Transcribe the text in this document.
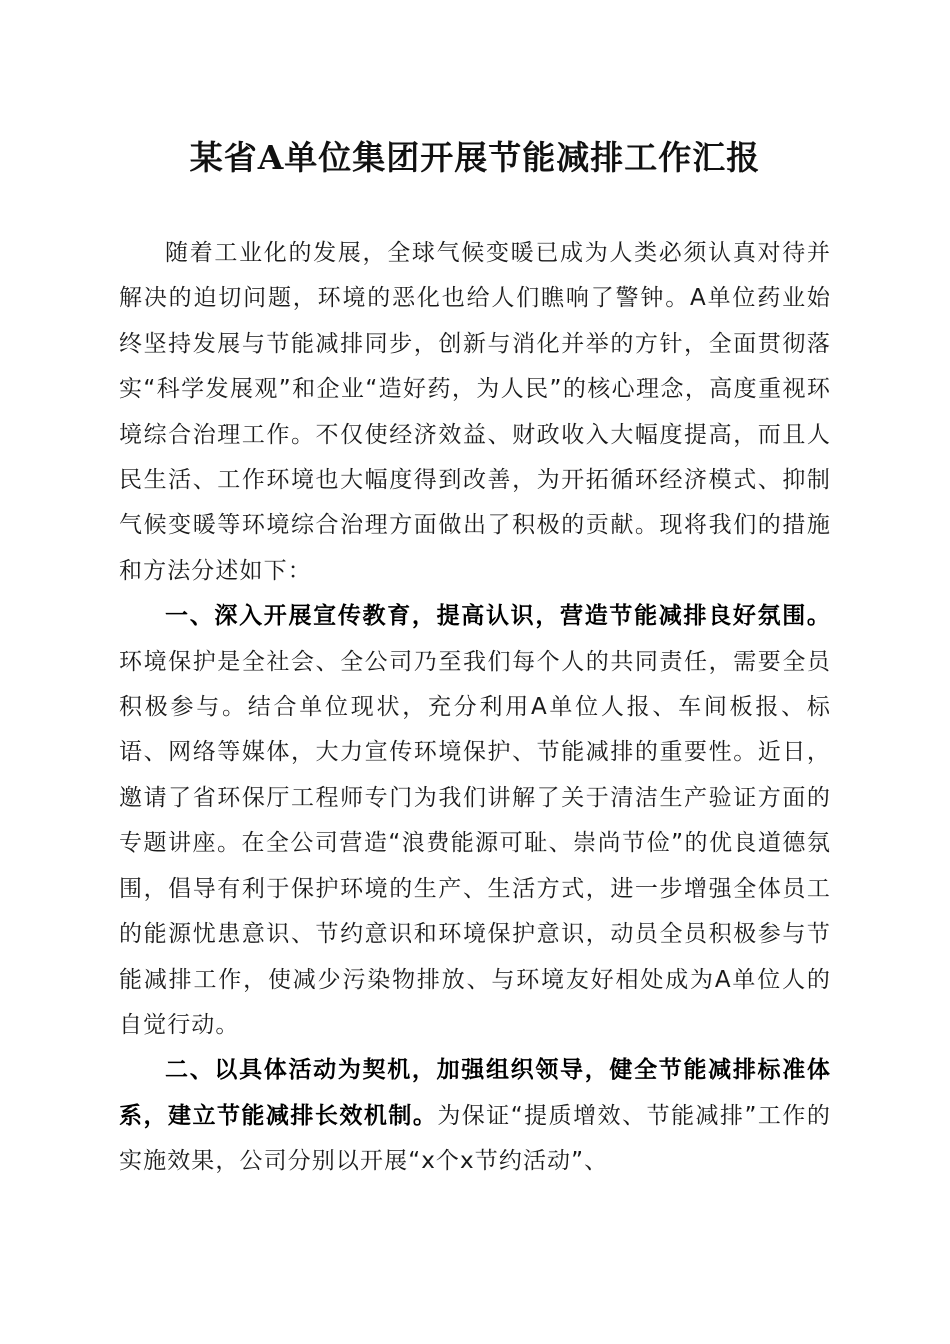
某省A单位集团开展节能减排工作汇报

随着工业化的发展，全球气候变暖已成为人类必须认真对待并解决的迫切问题，环境的恶化也给人们瞧响了警钟。A单位药业始终坚持发展与节能减排同步，创新与消化并举的方针，全面贯彻落实“科学发展观”和企业“造好药，为人民”的核心理念，高度重视环境综合治理工作。不仅使经济效益、财政收入大幅度提高，而且人民生活、工作环境也大幅度得到改善，为开拓循环经济模式、抑制气候变暖等环境综合治理方面做出了积极的贡献。现将我们的措施和方法分述如下：

一、深入开展宣传教育，提高认识，营造节能减排良好氛围。环境保护是全社会、全公司乃至我们每个人的共同责任，需要全员积极参与。结合单位现状，充分利用A单位人报、车间板报、标语、网络等媒体，大力宣传环境保护、节能减排的重要性。近日，邀请了省环保厅工程师专门为我们讲解了关于清洁生产验证方面的专题讲座。在全公司营造“浪费能源可耻、崇尚节俭”的优良道德氛围，倡导有利于保护环境的生产、生活方式，进一步增强全体员工的能源忧患意识、节约意识和环境保护意识，动员全员积极参与节能减排工作，使减少污染物排放、与环境友好相处成为A单位人的自觉行动。

二、以具体活动为契机，加强组织领导，健全节能减排标准体系，建立节能减排长效机制。为保证“提质增效、节能减排”工作的实施效果，公司分别以开展“x个x节约活动”、
